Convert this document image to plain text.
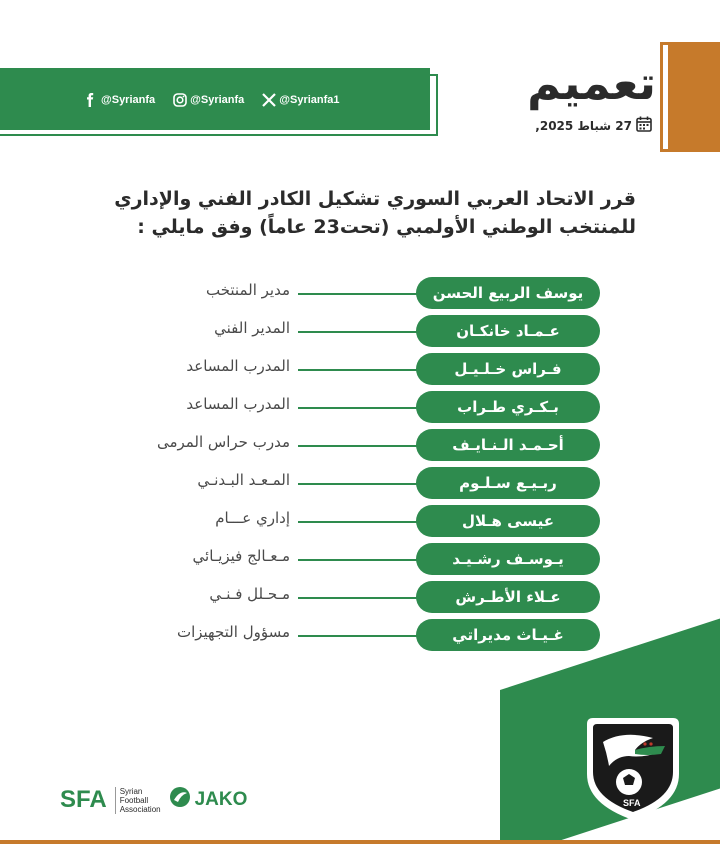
@Syrianfa	@Syrianfa	@Syrianfa1	تعميم
27 شباط 2025,
قرر الاتحاد العربي السوري تشكيل الكادر الفني والإداري
للمنتخب الوطني الأولمبي (تحت23 عاماً) وفق مايلي :
مدير المنتخب	يوسف الربيع الحسن
المدير الفني	عـمـاد خانكـان
المدرب المساعد	فـراس خـلـيـل
المدرب المساعد	بـكـري طـراب
مدرب حراس المرمى	أحـمـد الـنـايـف
المـعـد البـدنـي	ربـيـع سـلـوم
إداري عـــام	عيسى هـلال
مـعـالج فيزيـائي	يـوسـف رشـيـد
مـحـلل فـنـي	عـلاء الأطـرش
مسؤول التجهيزات	غـيـاث مديراتي
SFA
SFA Syrian
Football
Association JAKO
